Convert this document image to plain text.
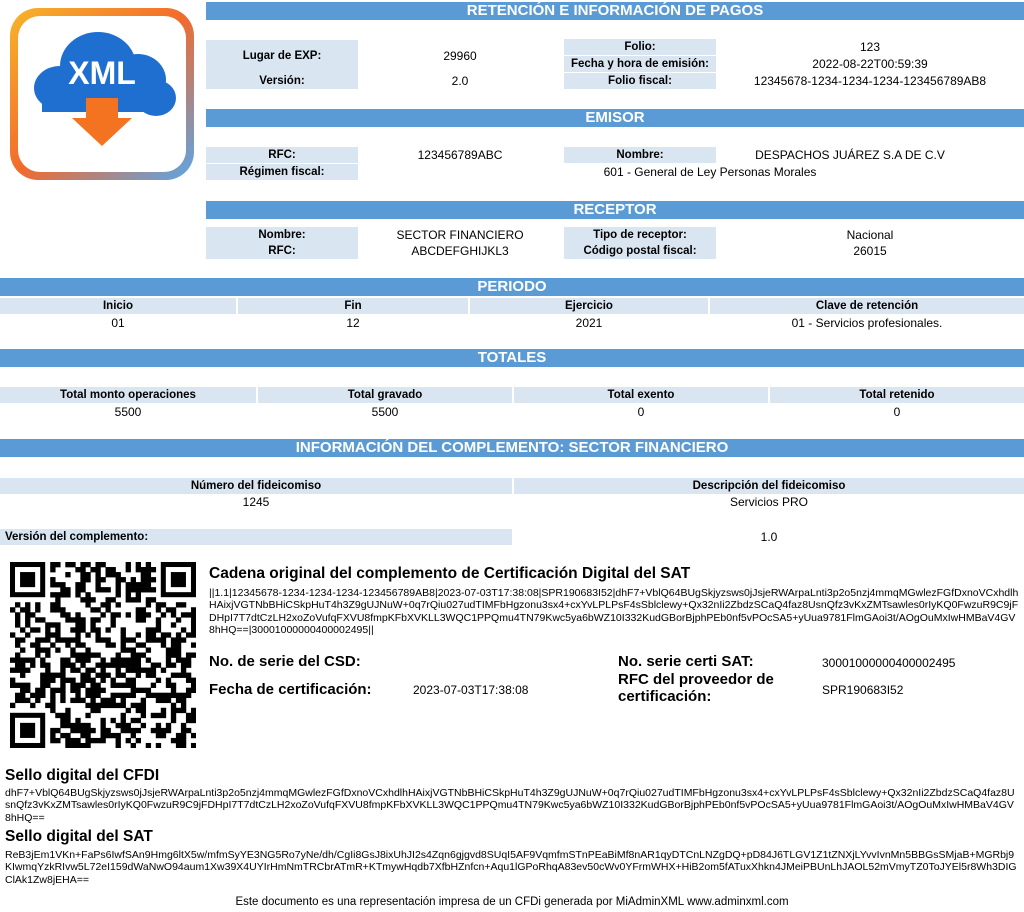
XML
RETENCIÓN E INFORMACIÓN DE PAGOS
Lugar de EXP:	29960
Versión:	2.0
Folio:	123
Fecha y hora de emisión:	2022-08-22T00:59:39
Folio fiscal:	12345678-1234-1234-1234-123456789AB8
EMISOR
RFC:	123456789ABC	Nombre:	DESPACHOS JUÁREZ S.A DE C.V
Régimen fiscal:	601 - General de Ley Personas Morales
RECEPTOR
Nombre:	SECTOR FINANCIERO
RFC:	ABCDEFGHIJKL3
Tipo de receptor:	Nacional
Código postal fiscal:	26015
PERIODO
Inicio	Fin	Ejercicio	Clave de retención
01	12	2021	01 - Servicios profesionales.
TOTALES
Total monto operaciones	Total gravado	Total exento	Total retenido
5500	5500	0	0
INFORMACIÓN DEL COMPLEMENTO: SECTOR FINANCIERO
Número del fideicomiso	Descripción del fideicomiso
1245	Servicios PRO
Versión del complemento:	1.0
Cadena original del complemento de Certificación Digital del SAT
||1.1|12345678-1234-1234-1234-123456789AB8|2023-07-03T17:38:08|SPR190683I52|dhF7+VblQ64BUgSkjyzsws0jJsjeRWArpaLnti3p2o5nzj4mmqMGwlezFGfDxnoVCxhdlhHAixjVGTNbBHiCSkpHuT4h3Z9gUJNuW+0q7rQiu027udTIMFbHgzonu3sx4+cxYvLPLPsF4sSblclewy+Qx32nIi2ZbdzSCaQ4faz8UsnQfz3vKxZMTsawles0rIyKQ0FwzuR9C9jFDHpI7T7dtCzLH2xoZoVufqFXVU8fmpKFbXVKLL3WQC1PPQmu4TN79Kwc5ya6bWZ10I332KudGBorBjphPEb0nf5vPOcSA5+yUua9781FlmGAoi3t/AOgOuMxIwHMBaV4GV8hHQ==|30001000000400002495||
No. de serie del CSD:
Fecha de certificación:	2023-07-03T17:38:08
No. serie certi SAT:	30001000000400002495
RFC del proveedor de certificación:	SPR190683I52
Sello digital del CFDI
dhF7+VblQ64BUgSkjyzsws0jJsjeRWArpaLnti3p2o5nzj4mmqMGwlezFGfDxnoVCxhdlhHAixjVGTNbBHiCSkpHuT4h3Z9gUJNuW+0q7rQiu027udTIMFbHgzonu3sx4+cxYvLPLPsF4sSblclewy+Qx32nIi2ZbdzSCaQ4faz8UsnQfz3vKxZMTsawles0rIyKQ0FwzuR9C9jFDHpI7T7dtCzLH2xoZoVufqFXVU8fmpKFbXVKLL3WQC1PPQmu4TN79Kwc5ya6bWZ10I332KudGBorBjphPEb0nf5vPOcSA5+yUua9781FlmGAoi3t/AOgOuMxIwHMBaV4GV8hHQ==
Sello digital del SAT
ReB3jEm1VKn+FaPs6IwfSAn9Hmg6ltX5w/mfmSyYE3NG5Ro7yNe/dh/CgIi8GsJ8ixUhJI2s4Zqn6gjgvd8SUqI5AF9VqmfmSTnPEaBiMf8nAR1qyDTCnLNZgDQ+pD84J6TLGV1Z1tZNXjLYvvIvnMn5BBGsSMjaB+MGRbj9KIwmqYzkRIvw5L72eI159dWaNwO94aum1Xw39X4UYIrHmNmTRCbrATmR+KTmywHqdb7XfbHZnfcn+Aqu1lGPoRhqA83ev50cWv0YFrmWHX+HiB2om5fATuxXhkn4JMeiPBUnLhJAOL52mVmyTZ0ToJYEl5r8Wh3DIGClAk1Zw8jEHA==
Este documento es una representación impresa de un CFDi generada por MiAdminXML www.adminxml.com
